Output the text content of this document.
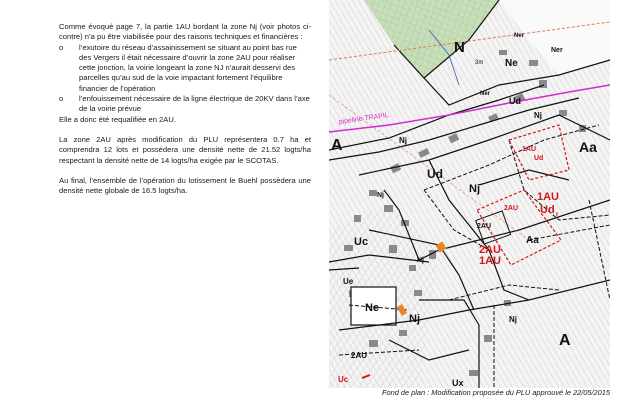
Comme évoqué page 7, la partie 1AU bordant la zone Nj (voir photos ci-contre) n’a pu être viabilisée pour des raisons techniques et financières :

o	l’exutoire du réseau d’assainissement se situant au point bas rue des Vergers il était nécessaire d’ouvrir la zone 2AU pour réaliser cette jonction, la voirie longeant la zone NJ n’aurait desservi des parcelles qu’au sud de la voie impactant fortement l’équilibre financier de l’opération
o	l’enfouissement nécessaire de la ligne électrique de 20KV dans l’axe de la voirie prévue

Elle a donc été requalifiée en 2AU.

La zone 2AU après modification du PLU représentera 0.7 ha et comprendra 12 lots et possédera une densité nette de 21.52 logts/ha respectant la densité nette de 14 logts/ha exigée par le SCOTAS.

Au final, l’ensemble de l’opération du lotissement le Buehl possèdera une densité nette globale de 16.5 logts/ha.

N	Ner
Ner
Ne
Ner
Ud
Nj
pipeline TRAPIL
A	Aa
Nj
Ud
Nj
Nj
Uc
Ue
Ne
Nj
2AU
Nj
2AU
Aa
A
Ux
Uc
Nj
3m
1AU
Ud
2AU
1AU
Ud r
2AU
1AU
Fond de plan : Modification proposée du PLU approuvé le 22/05/2015
